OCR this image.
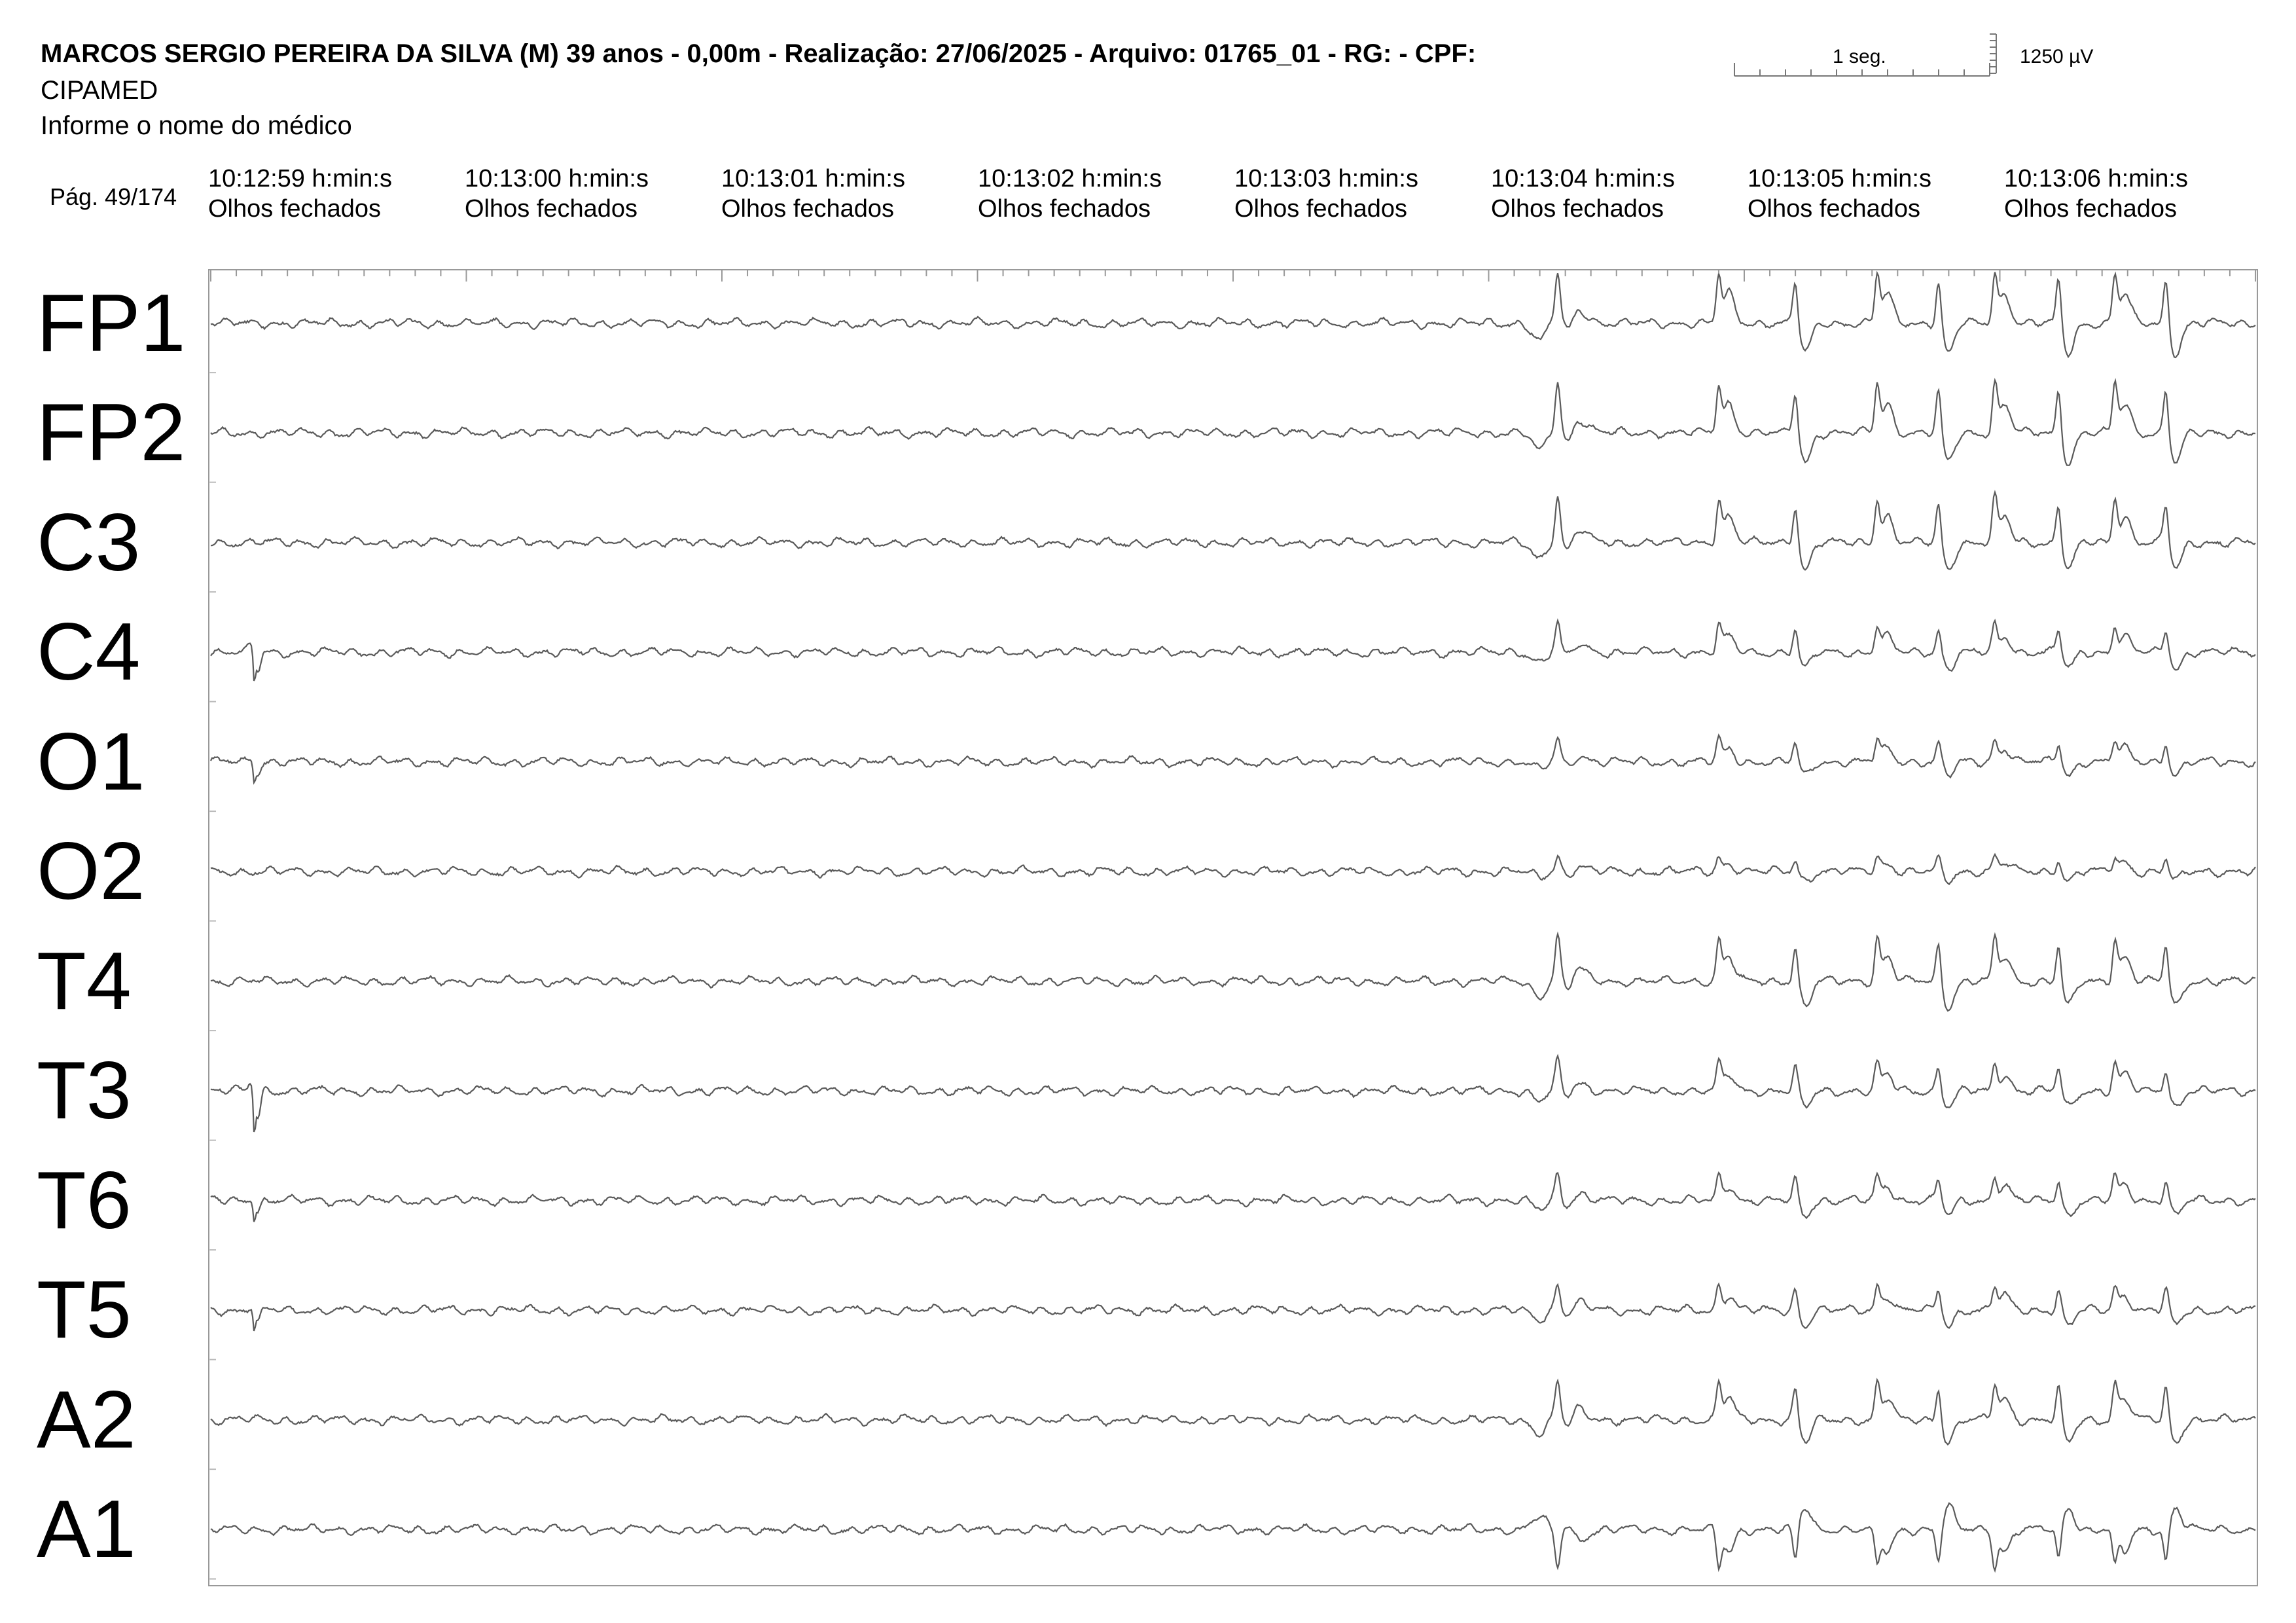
MARCOS SERGIO PEREIRA DA SILVA (M) 39 anos - 0,00m - Realização: 27/06/2025 - Arquivo: 01765_01 - RG: - CPF:
CIPAMED
Informe o nome do médico
Pág. 49/174
1 seg.	1250 µV
10:12:59 h:min:s
Olhos fechados
10:13:00 h:min:s
Olhos fechados
10:13:01 h:min:s
Olhos fechados
10:13:02 h:min:s
Olhos fechados
10:13:03 h:min:s
Olhos fechados
10:13:04 h:min:s
Olhos fechados
10:13:05 h:min:s
Olhos fechados
10:13:06 h:min:s
Olhos fechados
FP1
FP2
C3
C4
O1
O2
T4
T3
T6
T5
A2
A1
